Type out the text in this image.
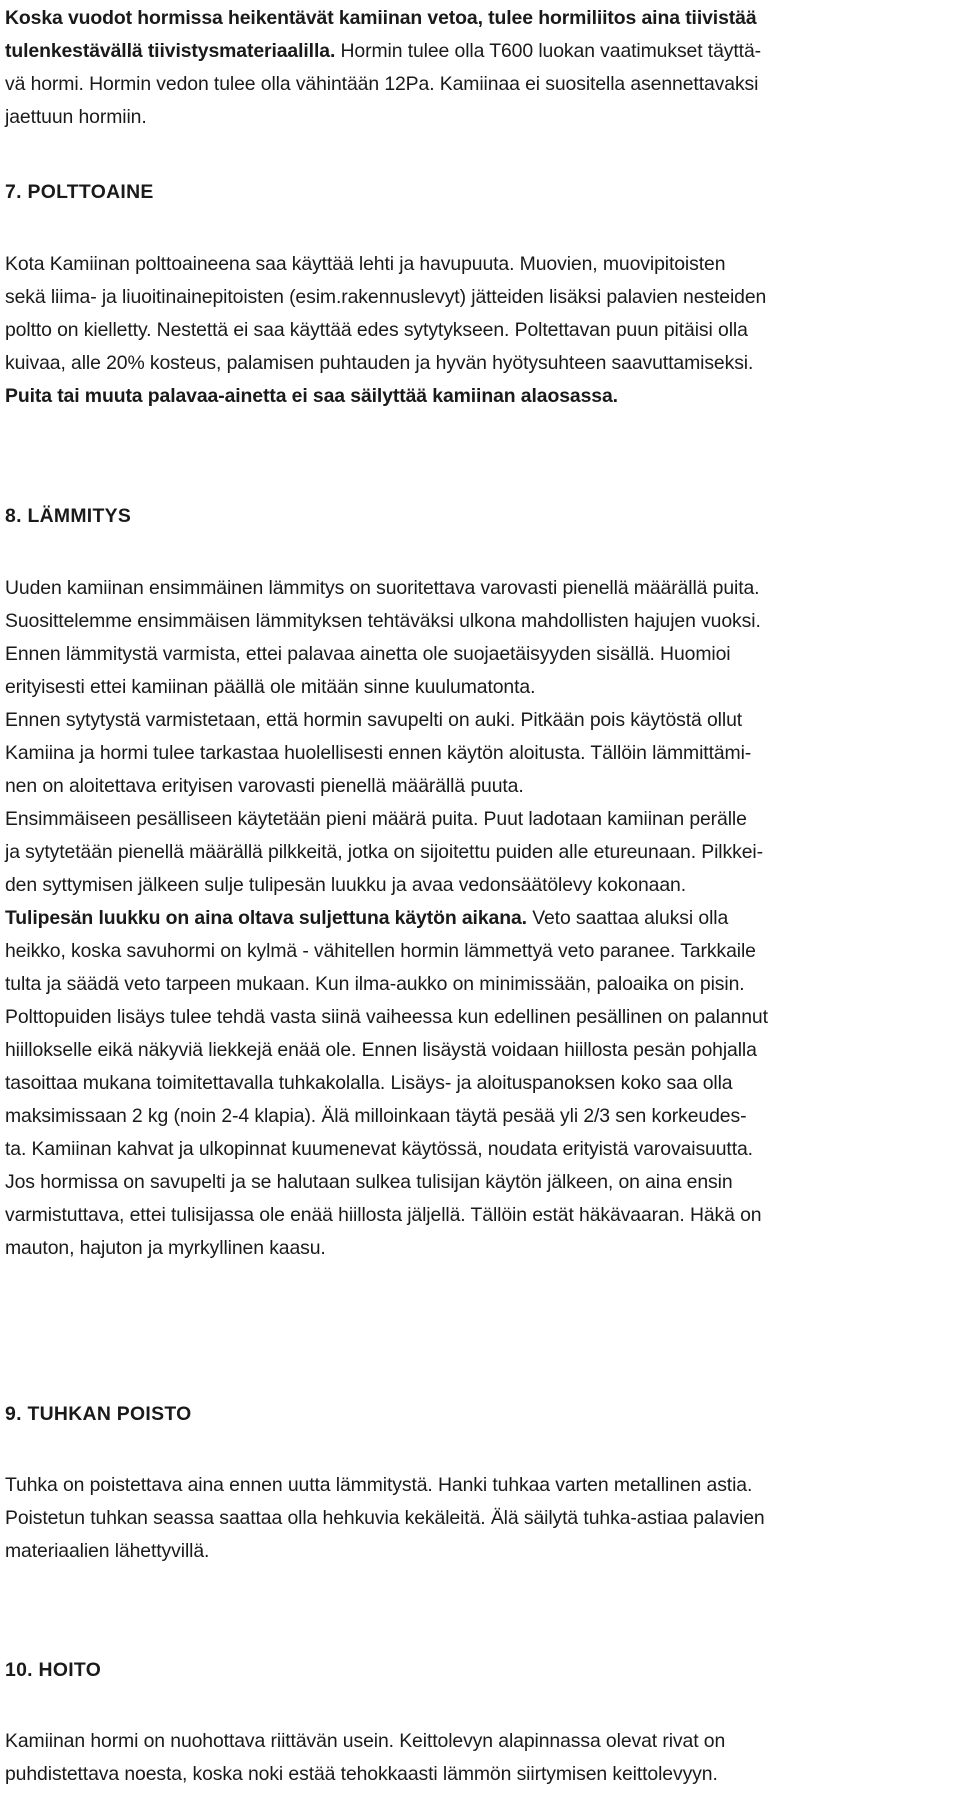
Koska vuodot hormissa heikentävät kamiinan vetoa, tulee hormiliitos aina tiivistää
tulenkestävällä tiivistysmateriaalilla. Hormin tulee olla T600 luokan vaatimukset täyttä-
vä hormi. Hormin vedon tulee olla vähintään 12Pa. Kamiinaa ei suositella asennettavaksi
jaettuun hormiin.
7. POLTTOAINE
Kota Kamiinan polttoaineena saa käyttää lehti ja havupuuta. Muovien, muovipitoisten
sekä liima- ja liuoitinainepitoisten (esim.rakennuslevyt) jätteiden lisäksi palavien nesteiden
poltto on kielletty. Nestettä ei saa käyttää edes sytytykseen. Poltettavan puun pitäisi olla
kuivaa, alle 20% kosteus, palamisen puhtauden ja hyvän hyötysuhteen saavuttamiseksi.
Puita tai muuta palavaa-ainetta ei saa säilyttää kamiinan alaosassa.
8. LÄMMITYS
Uuden kamiinan ensimmäinen lämmitys on suoritettava varovasti pienellä määrällä puita.
Suosittelemme ensimmäisen lämmityksen tehtäväksi ulkona mahdollisten hajujen vuoksi.
Ennen lämmitystä varmista, ettei palavaa ainetta ole suojaetäisyyden sisällä. Huomioi
erityisesti ettei kamiinan päällä ole mitään sinne kuulumatonta.
Ennen sytytystä varmistetaan, että hormin savupelti on auki. Pitkään pois käytöstä ollut
Kamiina ja hormi tulee tarkastaa huolellisesti ennen käytön aloitusta. Tällöin lämmittämi-
nen on aloitettava erityisen varovasti pienellä määrällä puuta.
Ensimmäiseen pesälliseen käytetään pieni määrä puita. Puut ladotaan kamiinan perälle
ja sytytetään pienellä määrällä pilkkeitä, jotka on sijoitettu puiden alle etureunaan. Pilkkei-
den syttymisen jälkeen sulje tulipesän luukku ja avaa vedonsäätölevy kokonaan.
Tulipesän luukku on aina oltava suljettuna käytön aikana. Veto saattaa aluksi olla
heikko, koska savuhormi on kylmä - vähitellen hormin lämmettyä veto paranee. Tarkkaile
tulta ja säädä veto tarpeen mukaan. Kun ilma-aukko on minimissään, paloaika on pisin.
Polttopuiden lisäys tulee tehdä vasta siinä vaiheessa kun edellinen pesällinen on palannut
hiillokselle eikä näkyviä liekkejä enää ole. Ennen lisäystä voidaan hiillosta pesän pohjalla
tasoittaa mukana toimitettavalla tuhkakolalla. Lisäys- ja aloituspanoksen koko saa olla
maksimissaan 2 kg (noin 2-4 klapia). Älä milloinkaan täytä pesää yli 2/3 sen korkeudes-
ta. Kamiinan kahvat ja ulkopinnat kuumenevat käytössä, noudata erityistä varovaisuutta.
Jos hormissa on savupelti ja se halutaan sulkea tulisijan käytön jälkeen, on aina ensin
varmistuttava, ettei tulisijassa ole enää hiillosta jäljellä. Tällöin estät häkävaaran. Häkä on
mauton, hajuton ja myrkyllinen kaasu.
9. TUHKAN POISTO
Tuhka on poistettava aina ennen uutta lämmitystä. Hanki tuhkaa varten metallinen astia.
Poistetun tuhkan seassa saattaa olla hehkuvia kekäleitä. Älä säilytä tuhka-astiaa palavien
materiaalien lähettyvillä.
10. HOITO
Kamiinan hormi on nuohottava riittävän usein. Keittolevyn alapinnassa olevat rivat on
puhdistettava noesta, koska noki estää tehokkaasti lämmön siirtymisen keittolevyyn.
